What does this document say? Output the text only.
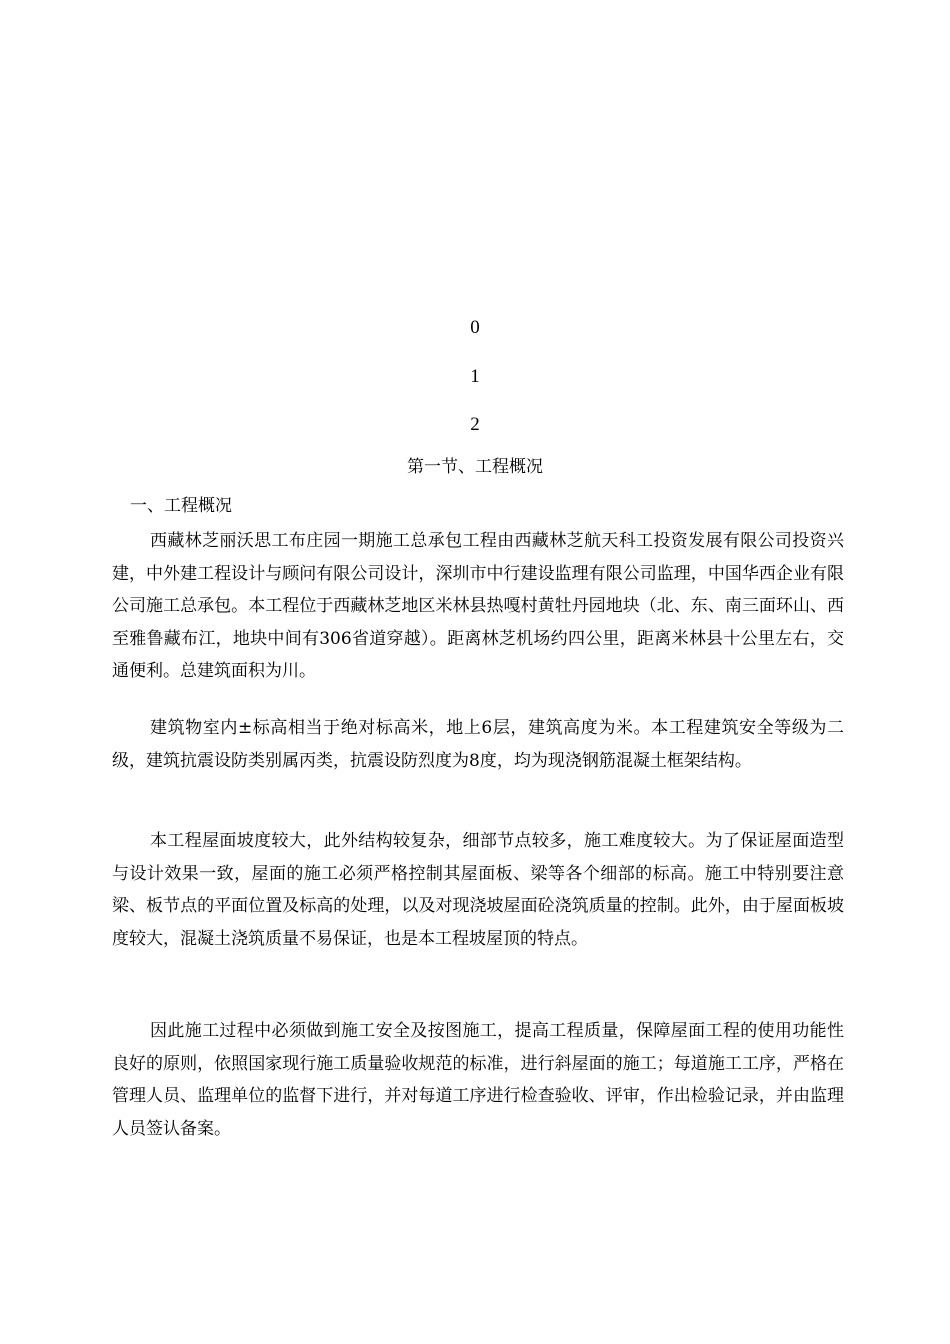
0
1
2
第一节、工程概况
一、工程概况

西藏林芝丽沃思工布庄园一期施工总承包工程由西藏林芝航天科工投资发展有限公司投资兴建，中外建工程设计与顾问有限公司设计，深圳市中行建设监理有限公司监理，中国华西企业有限公司施工总承包。本工程位于西藏林芝地区米林县热嘎村黄牡丹园地块（北、东、南三面环山、西至雅鲁藏布江，地块中间有306省道穿越）。距离林芝机场约四公里，距离米林县十公里左右，交通便利。总建筑面积为川。

建筑物室内±标高相当于绝对标高米，地上6层，建筑高度为米。本工程建筑安全等级为二级，建筑抗震设防类别属丙类，抗震设防烈度为8度，均为现浇钢筋混凝土框架结构。

本工程屋面坡度较大，此外结构较复杂，细部节点较多，施工难度较大。为了保证屋面造型与设计效果一致，屋面的施工必须严格控制其屋面板、梁等各个细部的标高。施工中特别要注意梁、板节点的平面位置及标高的处理，以及对现浇坡屋面砼浇筑质量的控制。此外，由于屋面板坡度较大，混凝土浇筑质量不易保证，也是本工程坡屋顶的特点。

因此施工过程中必须做到施工安全及按图施工，提高工程质量，保障屋面工程的使用功能性良好的原则，依照国家现行施工质量验收规范的标准，进行斜屋面的施工；每道施工工序，严格在管理人员、监理单位的监督下进行，并对每道工序进行检查验收、评审，作出检验记录，并由监理人员签认备案。
